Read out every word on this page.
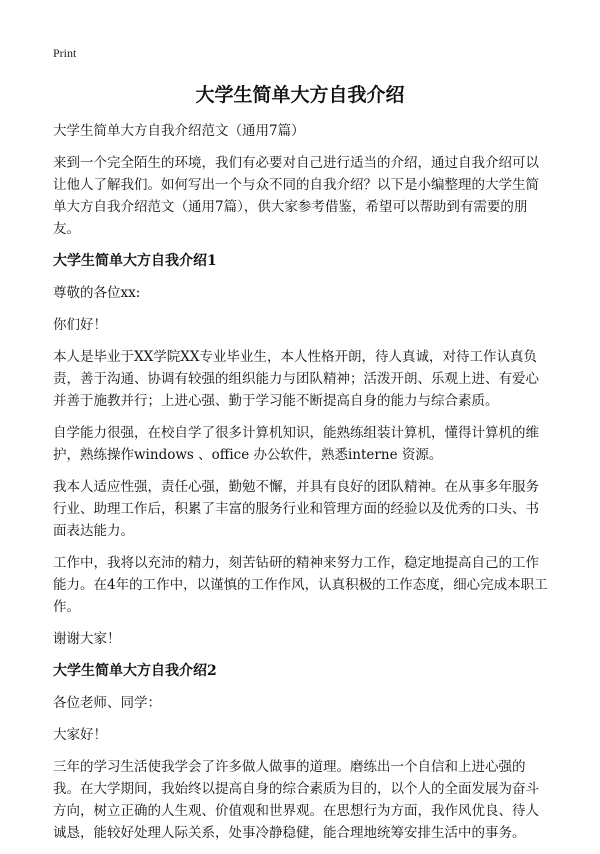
Print
大学生简单大方自我介绍

大学生简单大方自我介绍范文（通用7篇）

来到一个完全陌生的环境，我们有必要对自己进行适当的介绍，通过自我介绍可以让他人了解我们。如何写出一个与众不同的自我介绍？以下是小编整理的大学生简单大方自我介绍范文（通用7篇），供大家参考借鉴，希望可以帮助到有需要的朋友。

大学生简单大方自我介绍1

尊敬的各位xx:

你们好！

本人是毕业于XX学院XX专业毕业生，本人性格开朗，待人真诚，对待工作认真负责，善于沟通、协调有较强的组织能力与团队精神；活泼开朗、乐观上进、有爱心并善于施教并行；上进心强、勤于学习能不断提高自身的能力与综合素质。

自学能力很强，在校自学了很多计算机知识，能熟练组装计算机，懂得计算机的维护，熟练操作windows 、office 办公软件，熟悉interne 资源。

我本人适应性强，责任心强，勤勉不懈，并具有良好的团队精神。在从事多年服务行业、助理工作后，积累了丰富的服务行业和管理方面的经验以及优秀的口头、书面表达能力。

工作中，我将以充沛的精力，刻苦钻研的精神来努力工作，稳定地提高自己的工作能力。在4年的工作中，以谨慎的工作作风，认真积极的工作态度，细心完成本职工作。

谢谢大家！

大学生简单大方自我介绍2

各位老师、同学：

大家好！

三年的学习生活使我学会了许多做人做事的道理。磨练出一个自信和上进心强的我。在大学期间，我始终以提高自身的综合素质为目的，以个人的全面发展为奋斗方向，树立正确的人生观、价值观和世界观。在思想行为方面，我作风优良、待人诚恳，能较好处理人际关系，处事冷静稳健，能合理地统筹安排生活中的事务。
